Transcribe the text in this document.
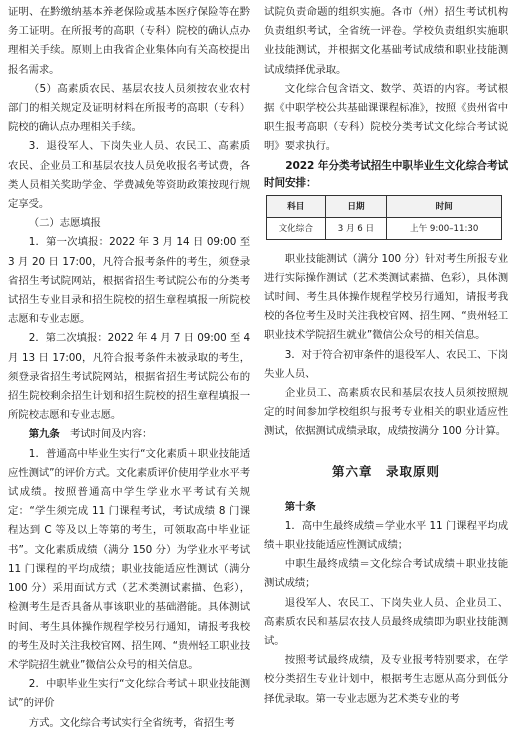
证明、在黔缴纳基本养老保险或基本医疗保险等在黔务工证明。在所报考的高职（专科）院校的确认点办理相关手续。原则上由我省企业集体向有关高校提出报名需求。

（5）高素质农民、基层农技人员须按农业农村部门的相关规定及证明材料在所报考的高职（专科）院校的确认点办理相关手续。

3．退役军人、下岗失业人员、农民工、高素质农民、企业员工和基层农技人员免收报名考试费，各类人员相关奖助学金、学费减免等资助政策按现行规定享受。

（二）志愿填报

1．第一次填报：2022 年 3 月 14 日 09:00 至 3 月 20 日 17:00，凡符合报考条件的考生，须登录省招生考试院网站，根据省招生考试院公布的分类考试招生专业目录和招生院校的招生章程填报一所院校志愿和专业志愿。

2．第二次填报：2022 年 4 月 7 日 09:00 至 4 月 13 日 17:00，凡符合报考条件未被录取的考生，须登录省招生考试院网站，根据省招生考试院公布的招生院校剩余招生计划和招生院校的招生章程填报一所院校志愿和专业志愿。

第九条　 考试时间及内容：

1．普通高中毕业生实行“文化素质＋职业技能适应性测试”的评价方式。文化素质评价使用学业水平考试成绩。按照普通高中学生学业水平考试有关规定：“学生须完成 11 门课程考试，考试成绩 8 门课程达到 C 等及以上等第的考生，可领取高中毕业证书”。文化素质成绩（满分 150 分）为学业水平考试 11 门课程的平均成绩；职业技能适应性测试（满分 100 分）采用面试方式（艺术类测试素描、色彩），检测考生是否具备从事该职业的基础潜能。具体测试时间、考生具体操作规程学校另行通知，请报考我校的考生及时关注我校官网、招生网、“贵州轻工职业技术学院招生就业”微信公众号的相关信息。

2．中职毕业生实行“文化综合考试＋职业技能测试”的评价

方式。文化综合考试实行全省统考，省招生考

试院负责命题的组织实施。各市（州）招生考试机构负责组织考试，全省统一评卷。学校负责组织实施职业技能测试，并根据文化基础考试成绩和职业技能测试成绩择优录取。

文化综合包含语文、数学、英语的内容。考试根据《中职学校公共基础课课程标准》，按照《贵州省中职生报考高职（专科）院校分类考试文化综合考试说明》要求执行。

2022 年分类考试招生中职毕业生文化综合考试时间安排：

科目	日期	时间
文化综合	3 月 6 日	上午 9:00–11:30

职业技能测试（满分 100 分）针对考生所报专业进行实际操作测试（艺术类测试素描、色彩），具体测试时间、考生具体操作规程学校另行通知，请报考我校的各位考生及时关注我校官网、招生网、“贵州轻工职业技术学院招生就业”微信公众号的相关信息。

3．对于符合初审条件的退役军人、农民工、下岗失业人员、

企业员工、高素质农民和基层农技人员须按照规定的时间参加学校组织与报考专业相关的职业适应性测试，依据测试成绩录取，成绩按满分 100 分计算。

第六章　录取原则

第十条

1．高中生最终成绩＝学业水平 11 门课程平均成绩＋职业技能适应性测试成绩；

中职生最终成绩＝文化综合考试成绩＋职业技能测试成绩；

退役军人、农民工、下岗失业人员、企业员工、高素质农民和基层农技人员最终成绩即为职业技能测试。

按照考试最终成绩，及专业报考特别要求，在学校分类招生专业计划中，根据考生志愿从高分到低分择优录取。第一专业志愿为艺术类专业的考
